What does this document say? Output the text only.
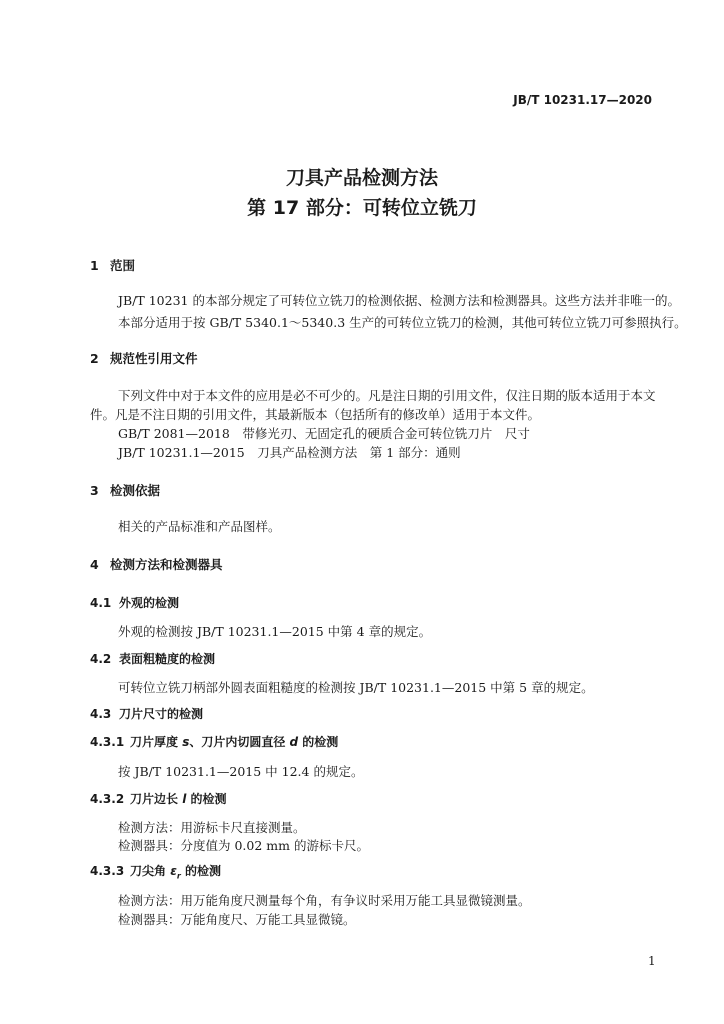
JB/T 10231.17—2020
刀具产品检测方法
第 17 部分：可转位立铣刀
1 范围
JB/T 10231 的本部分规定了可转位立铣刀的检测依据、检测方法和检测器具。这些方法并非唯一的。
本部分适用于按 GB/T 5340.1～5340.3 生产的可转位立铣刀的检测，其他可转位立铣刀可参照执行。
2 规范性引用文件
下列文件中对于本文件的应用是必不可少的。凡是注日期的引用文件，仅注日期的版本适用于本文
件。凡是不注日期的引用文件，其最新版本（包括所有的修改单）适用于本文件。
GB/T 2081—2018　带修光刃、无固定孔的硬质合金可转位铣刀片　尺寸
JB/T 10231.1—2015　刀具产品检测方法　第 1 部分：通则
3 检测依据
相关的产品标准和产品图样。
4 检测方法和检测器具
4.1 外观的检测
外观的检测按 JB/T 10231.1—2015 中第 4 章的规定。
4.2 表面粗糙度的检测
可转位立铣刀柄部外圆表面粗糙度的检测按 JB/T 10231.1—2015 中第 5 章的规定。
4.3 刀片尺寸的检测
4.3.1 刀片厚度 s、刀片内切圆直径 d 的检测
按 JB/T 10231.1—2015 中 12.4 的规定。
4.3.2 刀片边长 l 的检测
检测方法：用游标卡尺直接测量。
检测器具：分度值为 0.02 mm 的游标卡尺。
4.3.3 刀尖角 $\varepsilon_r$ 的检测
检测方法：用万能角度尺测量每个角，有争议时采用万能工具显微镜测量。
检测器具：万能角度尺、万能工具显微镜。
1
